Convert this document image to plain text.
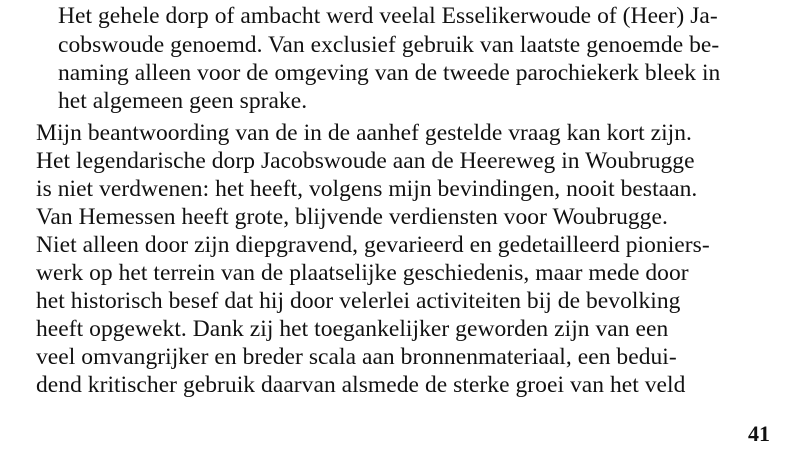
Het gehele dorp of ambacht werd veelal Esselikerwoude of (Heer) Ja-
cobswoude genoemd. Van exclusief gebruik van laatste genoemde be-
naming alleen voor de omgeving van de tweede parochiekerk bleek in
het algemeen geen sprake.
Mijn beantwoording van de in de aanhef gestelde vraag kan kort zijn.
Het legendarische dorp Jacobswoude aan de Heereweg in Woubrugge
is niet verdwenen: het heeft, volgens mijn bevindingen, nooit bestaan.
Van Hemessen heeft grote, blijvende verdiensten voor Woubrugge.
Niet alleen door zijn diepgravend, gevarieerd en gedetailleerd pioniers-
werk op het terrein van de plaatselijke geschiedenis, maar mede door
het historisch besef dat hij door velerlei activiteiten bij de bevolking
heeft opgewekt. Dank zij het toegankelijker geworden zijn van een
veel omvangrijker en breder scala aan bronnenmateriaal, een bedui-
dend kritischer gebruik daarvan alsmede de sterke groei van het veld
41
